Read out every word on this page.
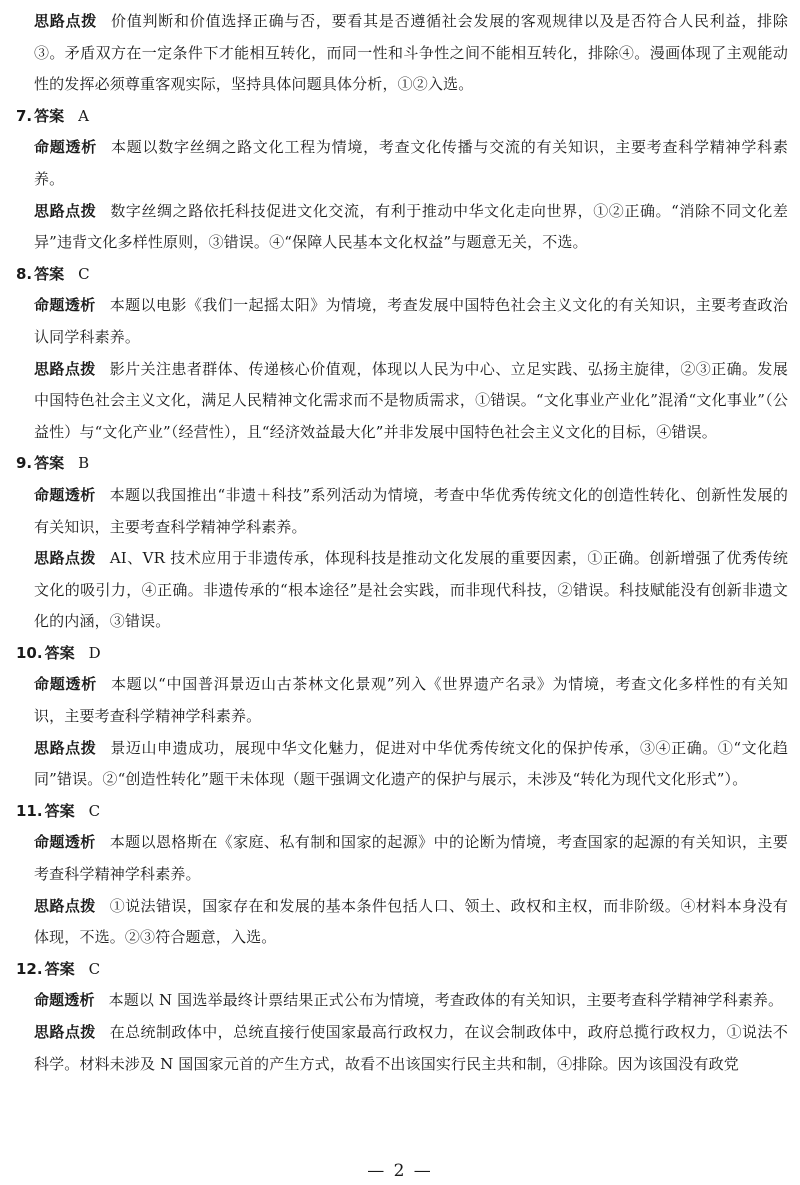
思路点拨 价值判断和价值选择正确与否，要看其是否遵循社会发展的客观规律以及是否符合人民利益，排除③。矛盾双方在一定条件下才能相互转化，而同一性和斗争性之间不能相互转化，排除④。漫画体现了主观能动性的发挥必须尊重客观实际，坚持具体问题具体分析，①②入选。

7. 答案 A

命题透析 本题以数字丝绸之路文化工程为情境，考查文化传播与交流的有关知识，主要考查科学精神学科素养。

思路点拨 数字丝绸之路依托科技促进文化交流，有利于推动中华文化走向世界，①②正确。“消除不同文化差异”违背文化多样性原则，③错误。④“保障人民基本文化权益”与题意无关，不选。

8. 答案 C

命题透析 本题以电影《我们一起摇太阳》为情境，考查发展中国特色社会主义文化的有关知识，主要考查政治认同学科素养。

思路点拨 影片关注患者群体、传递核心价值观，体现以人民为中心、立足实践、弘扬主旋律，②③正确。发展中国特色社会主义文化，满足人民精神文化需求而不是物质需求，①错误。“文化事业产业化”混淆“文化事业”（公益性）与“文化产业”（经营性），且“经济效益最大化”并非发展中国特色社会主义文化的目标，④错误。

9. 答案 B

命题透析 本题以我国推出“非遗＋科技”系列活动为情境，考查中华优秀传统文化的创造性转化、创新性发展的有关知识，主要考查科学精神学科素养。

思路点拨 AI、VR 技术应用于非遗传承，体现科技是推动文化发展的重要因素，①正确。创新增强了优秀传统文化的吸引力，④正确。非遗传承的“根本途径”是社会实践，而非现代科技，②错误。科技赋能没有创新非遗文化的内涵，③错误。

10. 答案 D

命题透析 本题以“中国普洱景迈山古茶林文化景观”列入《世界遗产名录》为情境，考查文化多样性的有关知识，主要考查科学精神学科素养。

思路点拨 景迈山申遗成功，展现中华文化魅力，促进对中华优秀传统文化的保护传承，③④正确。①“文化趋同”错误。②“创造性转化”题干未体现（题干强调文化遗产的保护与展示，未涉及“转化为现代文化形式”）。

11. 答案 C

命题透析 本题以恩格斯在《家庭、私有制和国家的起源》中的论断为情境，考查国家的起源的有关知识，主要考查科学精神学科素养。

思路点拨 ①说法错误，国家存在和发展的基本条件包括人口、领土、政权和主权，而非阶级。④材料本身没有体现，不选。②③符合题意，入选。

12. 答案 C

命题透析 本题以 N 国选举最终计票结果正式公布为情境，考查政体的有关知识，主要考查科学精神学科素养。

思路点拨 在总统制政体中，总统直接行使国家最高行政权力，在议会制政体中，政府总揽行政权力，①说法不科学。材料未涉及 N 国国家元首的产生方式，故看不出该国实行民主共和制，④排除。因为该国没有政党

— 2 —
